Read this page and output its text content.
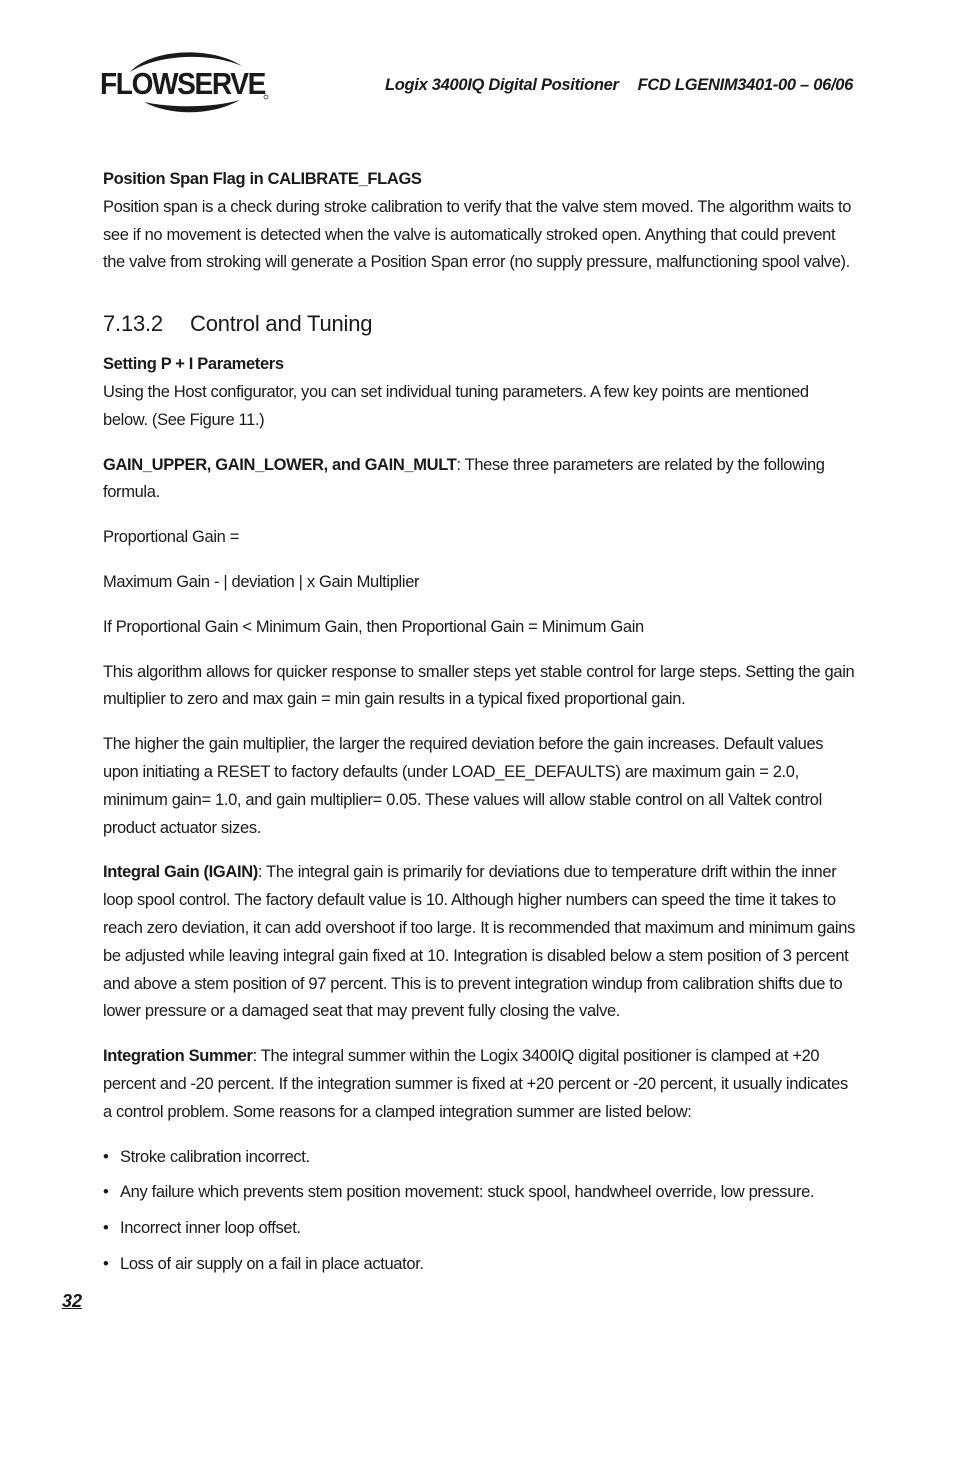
FLOWSERVE	Logix 3400IQ Digital Positioner FCD LGENIM3401-00 – 06/06
Position Span Flag in CALIBRATE_FLAGS

Position span is a check during stroke calibration to verify that the valve stem moved. The algorithm waits to see if no movement is detected when the valve is automatically stroked open. Anything that could prevent the valve from stroking will generate a Position Span error (no supply pressure, malfunctioning spool valve).

7.13.2 Control and Tuning
Setting P + I Parameters

Using the Host configurator, you can set individual tuning parameters. A few key points are mentioned below. (See Figure 11.)

GAIN_UPPER, GAIN_LOWER, and GAIN_MULT: These three parameters are related by the following formula.

Proportional Gain =

Maximum Gain - | deviation | x Gain Multiplier

If Proportional Gain < Minimum Gain, then Proportional Gain = Minimum Gain

This algorithm allows for quicker response to smaller steps yet stable control for large steps. Setting the gain multiplier to zero and max gain = min gain results in a typical fixed proportional gain.

The higher the gain multiplier, the larger the required deviation before the gain increases. Default values upon initiating a RESET to factory defaults (under LOAD_EE_DEFAULTS) are maximum gain = 2.0, minimum gain= 1.0, and gain multiplier= 0.05. These values will allow stable control on all Valtek control product actuator sizes.

Integral Gain (IGAIN): The integral gain is primarily for deviations due to temperature drift within the inner loop spool control. The factory default value is 10. Although higher numbers can speed the time it takes to reach zero deviation, it can add overshoot if too large. It is recommended that maximum and minimum gains be adjusted while leaving integral gain fixed at 10. Integration is disabled below a stem position of 3 percent and above a stem position of 97 percent. This is to prevent integration windup from calibration shifts due to lower pressure or a damaged seat that may prevent fully closing the valve.

Integration Summer: The integral summer within the Logix 3400IQ digital positioner is clamped at +20 percent and -20 percent. If the integration summer is fixed at +20 percent or -20 percent, it usually indicates a control problem. Some reasons for a clamped integration summer are listed below:

• Stroke calibration incorrect.
• Any failure which prevents stem position movement: stuck spool, handwheel override, low pressure.
• Incorrect inner loop offset.
• Loss of air supply on a fail in place actuator.
32
